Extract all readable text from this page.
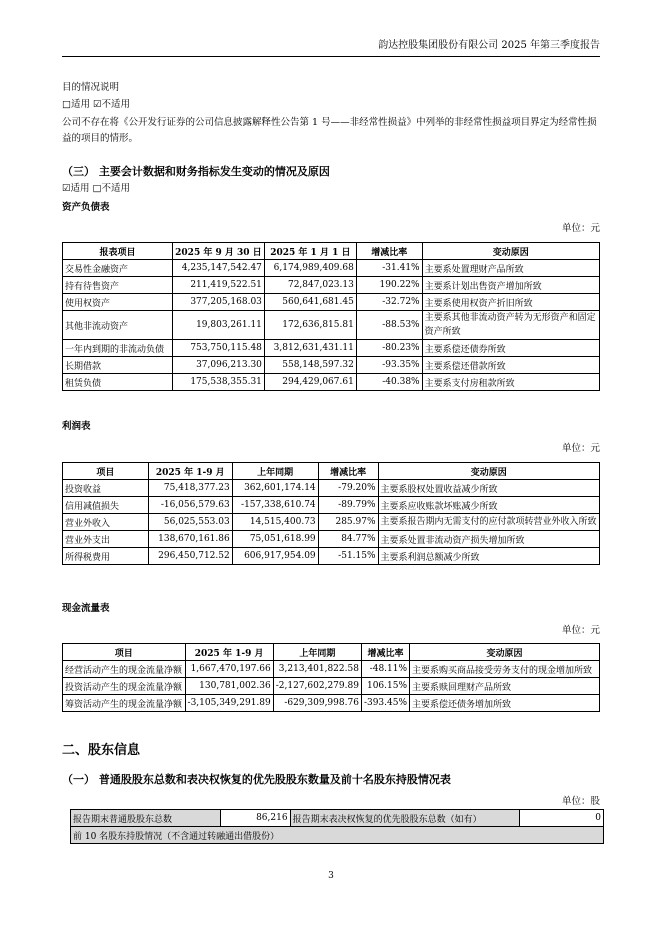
韵达控股集团股份有限公司 2025 年第三季度报告
目的情况说明
□适用 ☑不适用
公司不存在将《公开发行证券的公司信息披露解释性公告第 1 号——非经常性损益》中列举的非经常性损益项目界定为经常性损益的项目的情形。
（三） 主要会计数据和财务指标发生变动的情况及原因
☑适用 □不适用
资产负债表
单位：元
报表项目	2025 年 9 月 30 日	2025 年 1 月 1 日	增减比率	变动原因
交易性金融资产	4,235,147,542.47	6,174,989,409.68	-31.41%	主要系处置理财产品所致
持有待售资产	211,419,522.51	72,847,023.13	190.22%	主要系计划出售资产增加所致
使用权资产	377,205,168.03	560,641,681.45	-32.72%	主要系使用权资产折旧所致
其他非流动资产	19,803,261.11	172,636,815.81	-88.53%	主要系其他非流动资产转为无形资产和固定资产所致
一年内到期的非流动负债	753,750,115.48	3,812,631,431.11	-80.23%	主要系偿还债券所致
长期借款	37,096,213.30	558,148,597.32	-93.35%	主要系偿还借款所致
租赁负债	175,538,355.31	294,429,067.61	-40.38%	主要系支付房租款所致
利润表
单位：元
项目	2025 年 1-9 月	上年同期	增减比率	变动原因
投资收益	75,418,377.23	362,601,174.14	-79.20%	主要系股权处置收益减少所致
信用减值损失	-16,056,579.63	-157,338,610.74	-89.79%	主要系应收账款坏账减少所致
营业外收入	56,025,553.03	14,515,400.73	285.97%	主要系报告期内无需支付的应付款项转营业外收入所致
营业外支出	138,670,161.86	75,051,618.99	84.77%	主要系处置非流动资产损失增加所致
所得税费用	296,450,712.52	606,917,954.09	-51.15%	主要系利润总额减少所致
现金流量表
单位：元
项目	2025 年 1-9 月	上年同期	增减比率	变动原因
经营活动产生的现金流量净额	1,667,470,197.66	3,213,401,822.58	-48.11%	主要系购买商品接受劳务支付的现金增加所致
投资活动产生的现金流量净额	130,781,002.36	-2,127,602,279.89	106.15%	主要系赎回理财产品所致
筹资活动产生的现金流量净额	-3,105,349,291.89	-629,309,998.76	-393.45%	主要系偿还债务增加所致
二、股东信息
（一） 普通股股东总数和表决权恢复的优先股股东数量及前十名股东持股情况表
单位：股
报告期末普通股股东总数	86,216	报告期末表决权恢复的优先股股东总数（如有）	0
前 10 名股东持股情况（不含通过转融通出借股份）
3
